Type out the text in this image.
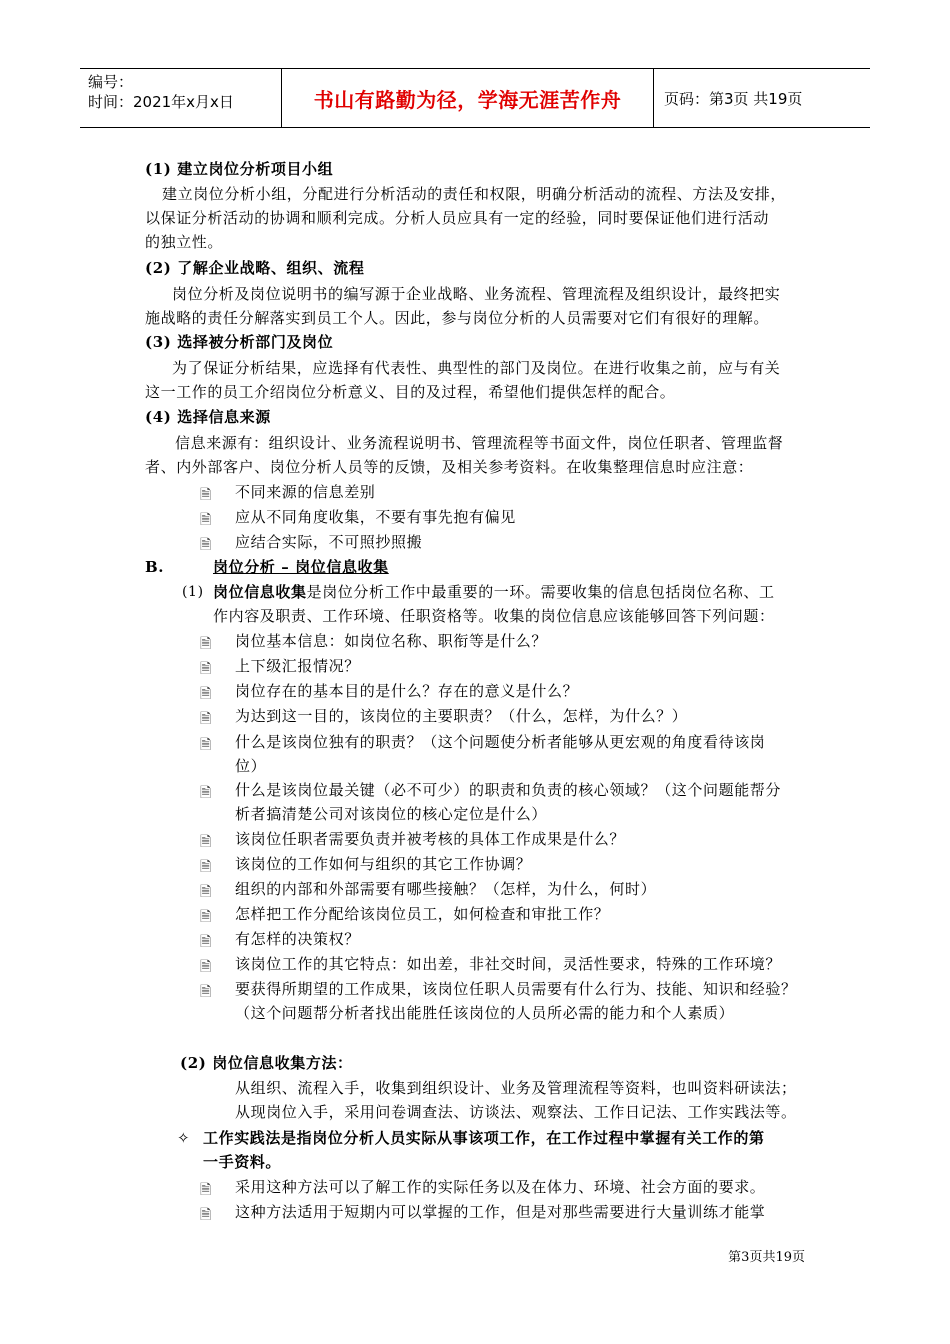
编号：
时间：2021年x月x日	书山有路勤为径，学海无涯苦作舟	页码：第3页 共19页
(1) 建立岗位分析项目小组
建立岗位分析小组，分配进行分析活动的责任和权限，明确分析活动的流程、方法及安排，
以保证分析活动的协调和顺利完成。分析人员应具有一定的经验，同时要保证他们进行活动
的独立性。
(2) 了解企业战略、组织、流程
岗位分析及岗位说明书的编写源于企业战略、业务流程、管理流程及组织设计，最终把实
施战略的责任分解落实到员工个人。因此，参与岗位分析的人员需要对它们有很好的理解。
(3) 选择被分析部门及岗位
为了保证分析结果，应选择有代表性、典型性的部门及岗位。在进行收集之前，应与有关
这一工作的员工介绍岗位分析意义、目的及过程，希望他们提供怎样的配合。
(4) 选择信息来源
信息来源有：组织设计、业务流程说明书、管理流程等书面文件，岗位任职者、管理监督
者、内外部客户、岗位分析人员等的反馈，及相关参考资料。在收集整理信息时应注意：
🗎 不同来源的信息差别
🗎 应从不同角度收集，不要有事先抱有偏见
🗎 应结合实际，不可照抄照搬
B.	岗位分析 – 岗位信息收集
(1) 岗位信息收集是岗位分析工作中最重要的一环。需要收集的信息包括岗位名称、工
作内容及职责、工作环境、任职资格等。收集的岗位信息应该能够回答下列问题：
🗎 岗位基本信息：如岗位名称、职衔等是什么？
🗎 上下级汇报情况？
🗎 岗位存在的基本目的是什么？存在的意义是什么？
🗎 为达到这一目的，该岗位的主要职责？（什么，怎样，为什么？）
🗎 什么是该岗位独有的职责？（这个问题使分析者能够从更宏观的角度看待该岗
位）
🗎 什么是该岗位最关键（必不可少）的职责和负责的核心领域？（这个问题能帮分
析者搞清楚公司对该岗位的核心定位是什么）
🗎 该岗位任职者需要负责并被考核的具体工作成果是什么？
🗎 该岗位的工作如何与组织的其它工作协调？
🗎 组织的内部和外部需要有哪些接触？（怎样，为什么，何时）
🗎 怎样把工作分配给该岗位员工，如何检查和审批工作？
🗎 有怎样的决策权？
🗎 该岗位工作的其它特点：如出差，非社交时间，灵活性要求，特殊的工作环境？
🗎 要获得所期望的工作成果，该岗位任职人员需要有什么行为、技能、知识和经验？
（这个问题帮分析者找出能胜任该岗位的人员所必需的能力和个人素质）
(2) 岗位信息收集方法：
从组织、流程入手，收集到组织设计、业务及管理流程等资料，也叫资料研读法；
从现岗位入手，采用问卷调查法、访谈法、观察法、工作日记法、工作实践法等。
✧ 工作实践法是指岗位分析人员实际从事该项工作，在工作过程中掌握有关工作的第
一手资料。
🗎 采用这种方法可以了解工作的实际任务以及在体力、环境、社会方面的要求。
🗎 这种方法适用于短期内可以掌握的工作，但是对那些需要进行大量训练才能掌
第3页共19页
